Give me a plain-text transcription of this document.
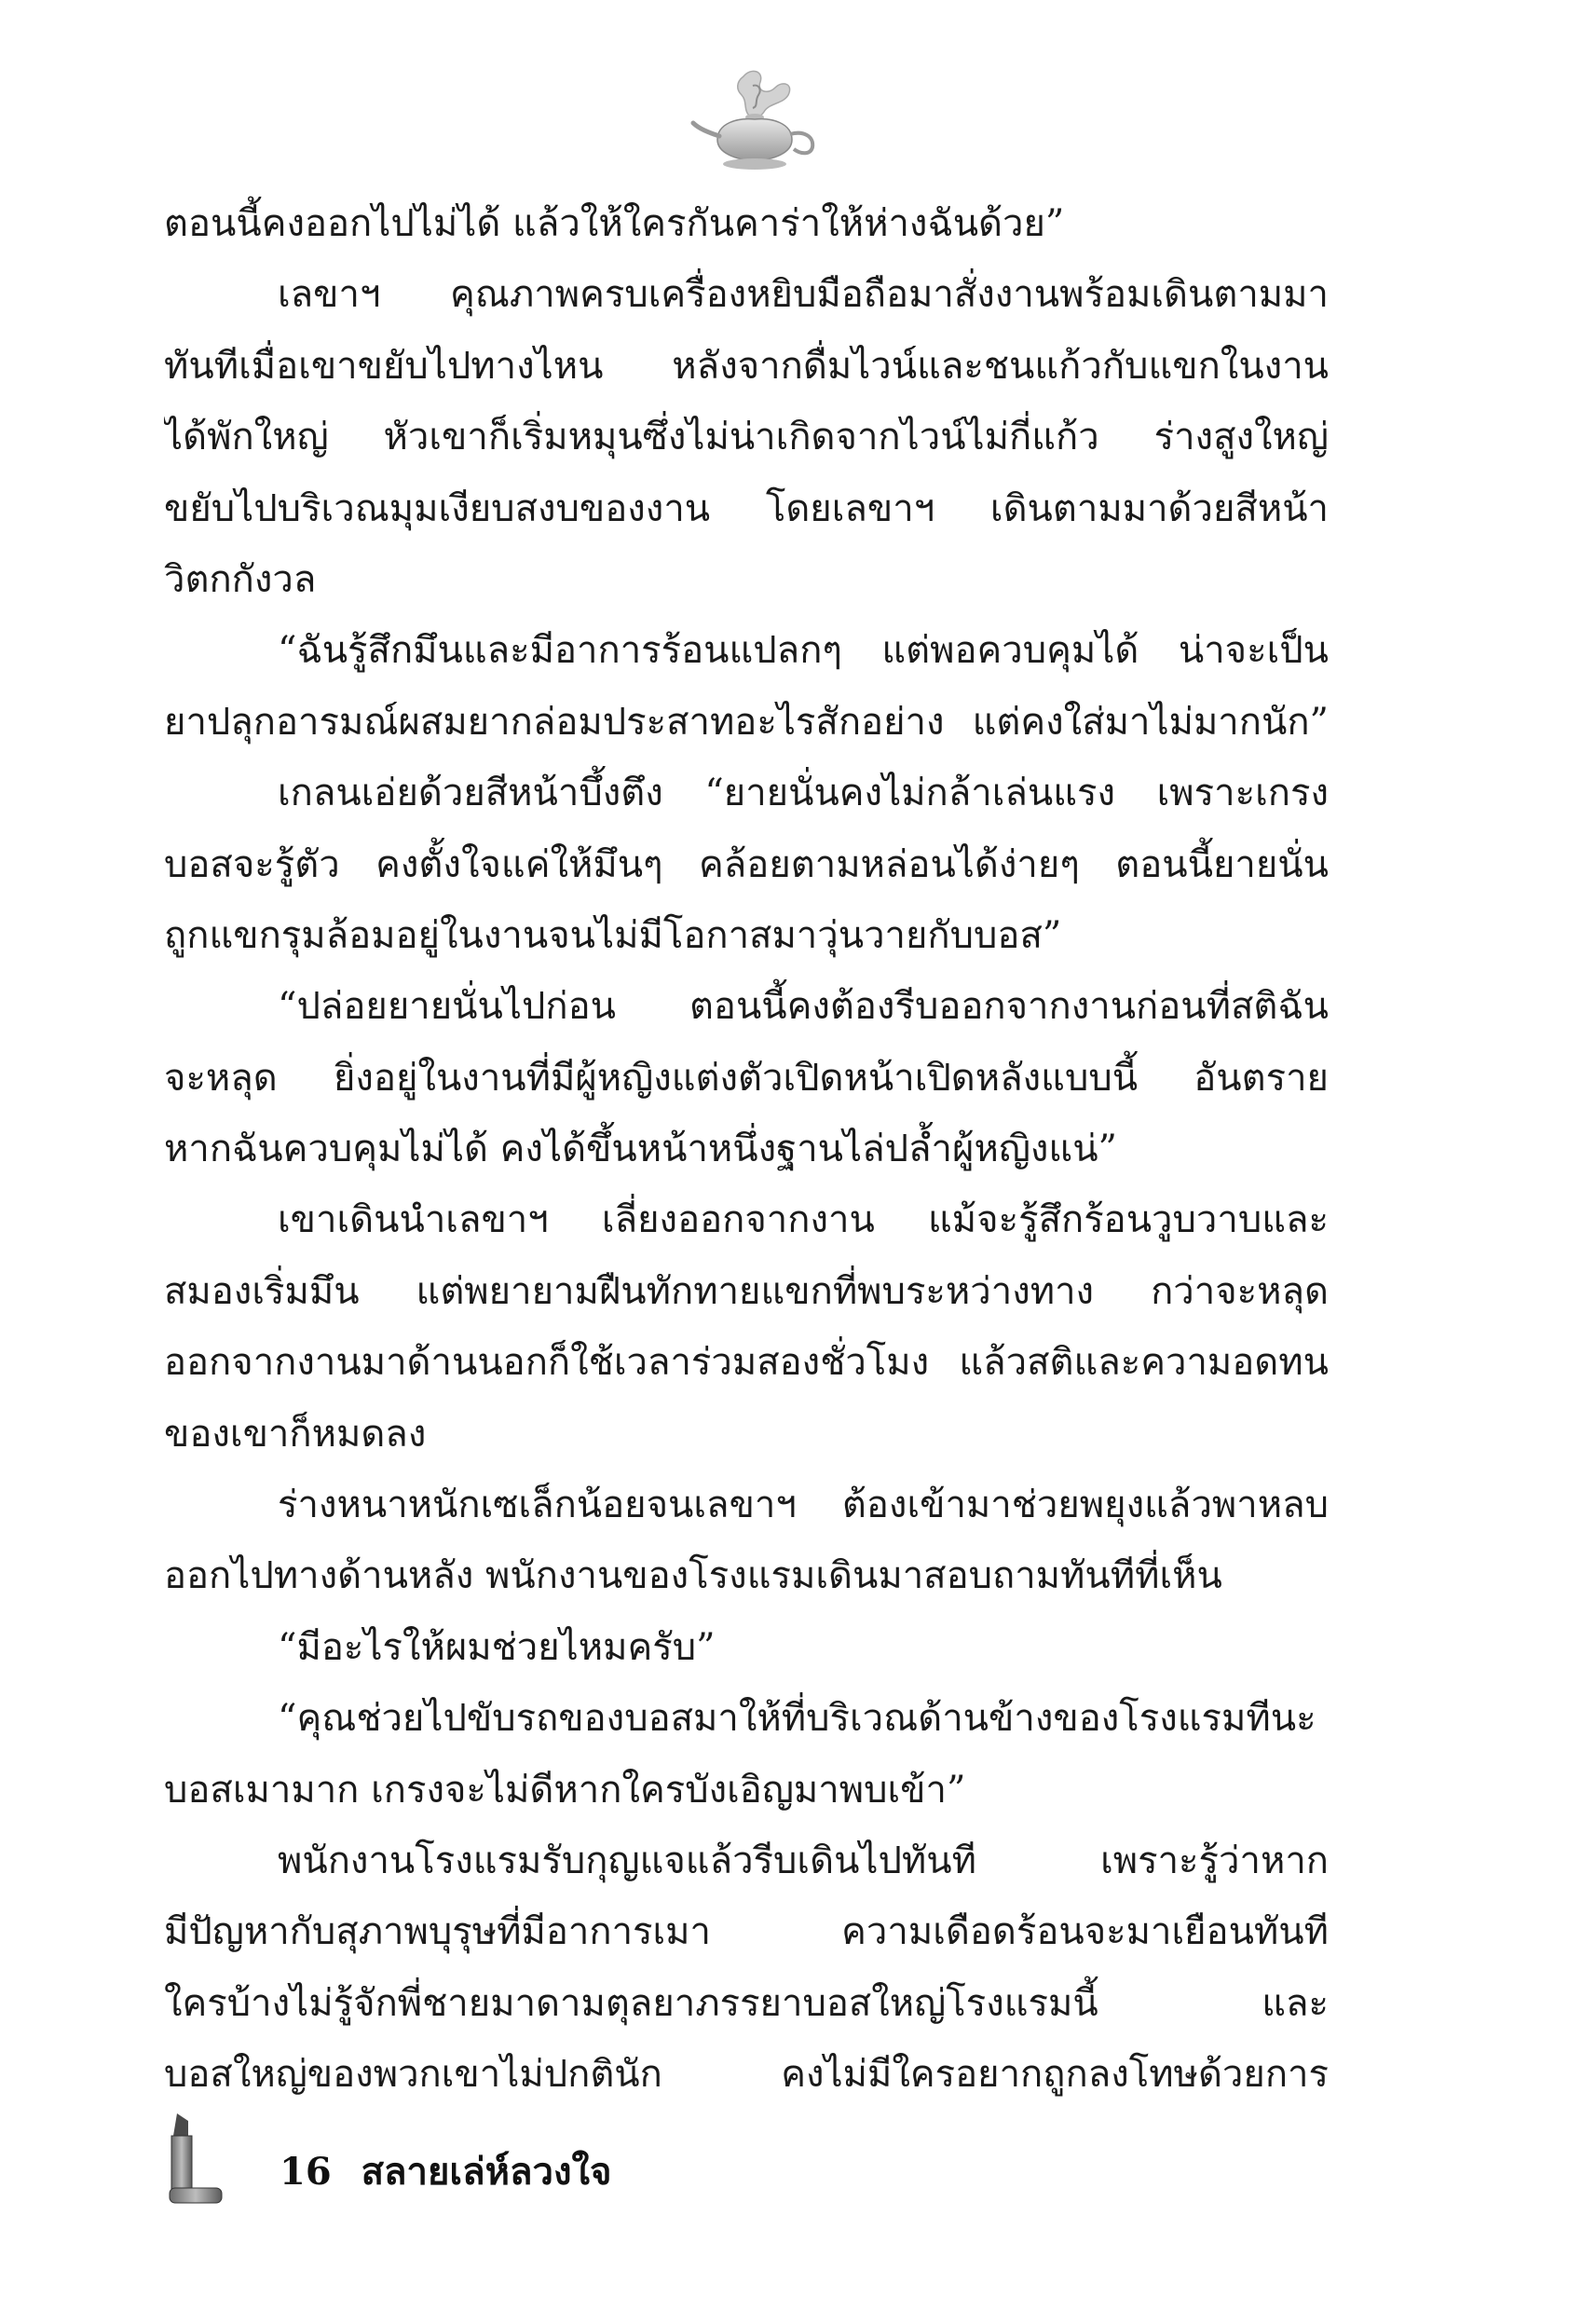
ตอนนี้คงออกไปไม่ได้ แล้วให้ใครกันคาร่าให้ห่างฉันด้วย”
เลขาฯ คุณภาพครบเครื่องหยิบมือถือมาสั่งงานพร้อมเดินตามมา
ทันทีเมื่อเขาขยับไปทางไหน หลังจากดื่มไวน์และชนแก้วกับแขกในงาน
ได้พักใหญ่ หัวเขาก็เริ่มหมุนซึ่งไม่น่าเกิดจากไวน์ไม่กี่แก้ว ร่างสูงใหญ่
ขยับไปบริเวณมุมเงียบสงบของงาน โดยเลขาฯ เดินตามมาด้วยสีหน้า
วิตกกังวล
“ฉันรู้สึกมึนและมีอาการร้อนแปลกๆ แต่พอควบคุมได้ น่าจะเป็น
ยาปลุกอารมณ์ผสมยากล่อมประสาทอะไรสักอย่าง แต่คงใส่มาไม่มากนัก”
เกลนเอ่ยด้วยสีหน้าบึ้งตึง “ยายนั่นคงไม่กล้าเล่นแรง เพราะเกรง
บอสจะรู้ตัว คงตั้งใจแค่ให้มึนๆ คล้อยตามหล่อนได้ง่ายๆ ตอนนี้ยายนั่น
ถูกแขกรุมล้อมอยู่ในงานจนไม่มีโอกาสมาวุ่นวายกับบอส”
“ปล่อยยายนั่นไปก่อน ตอนนี้คงต้องรีบออกจากงานก่อนที่สติฉัน
จะหลุด ยิ่งอยู่ในงานที่มีผู้หญิงแต่งตัวเปิดหน้าเปิดหลังแบบนี้ อันตราย
หากฉันควบคุมไม่ได้ คงได้ขึ้นหน้าหนึ่งฐานไล่ปล้ำผู้หญิงแน่”
เขาเดินนำเลขาฯ เลี่ยงออกจากงาน แม้จะรู้สึกร้อนวูบวาบและ
สมองเริ่มมึน แต่พยายามฝืนทักทายแขกที่พบระหว่างทาง กว่าจะหลุด
ออกจากงานมาด้านนอกก็ใช้เวลาร่วมสองชั่วโมง แล้วสติและความอดทน
ของเขาก็หมดลง
ร่างหนาหนักเซเล็กน้อยจนเลขาฯ ต้องเข้ามาช่วยพยุงแล้วพาหลบ
ออกไปทางด้านหลัง พนักงานของโรงแรมเดินมาสอบถามทันทีที่เห็น
“มีอะไรให้ผมช่วยไหมครับ”
“คุณช่วยไปขับรถของบอสมาให้ที่บริเวณด้านข้างของโรงแรมทีนะ
บอสเมามาก เกรงจะไม่ดีหากใครบังเอิญมาพบเข้า”
พนักงานโรงแรมรับกุญแจแล้วรีบเดินไปทันที เพราะรู้ว่าหาก
มีปัญหากับสุภาพบุรุษที่มีอาการเมา ความเดือดร้อนจะมาเยือนทันที
ใครบ้างไม่รู้จักพี่ชายมาดามตุลยาภรรยาบอสใหญ่โรงแรมนี้ และ
บอสใหญ่ของพวกเขาไม่ปกตินัก คงไม่มีใครอยากถูกลงโทษด้วยการ
16 สลายเล่ห์ลวงใจ
